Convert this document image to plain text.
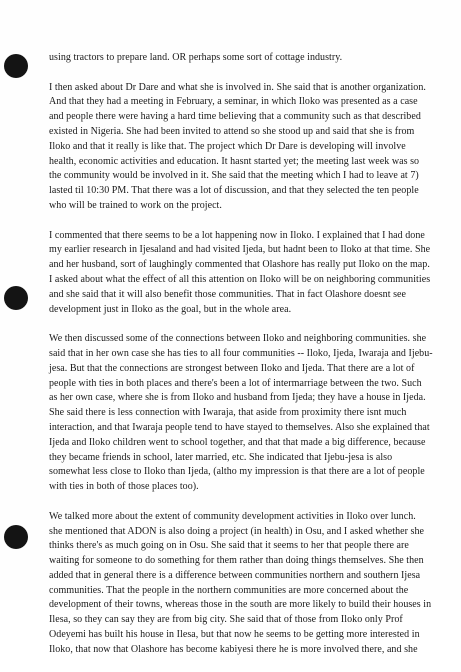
using tractors to prepare land. OR perhaps some sort of cottage industry.
I then asked about Dr Dare and what she is involved in. She said that is another organization.
And that they had a meeting in February, a seminar, in which Iloko was presented as a case
and people there were having a hard time believing that a community such as that described
existed in Nigeria. She had been invited to attend so she stood up and said that she is from
Iloko and that it really is like that. The project which Dr Dare is developing will involve
health, economic activities and education. It hasnt started yet; the meeting last week was so
the community would be involved in it. She said that the meeting which I had to leave at 7)
lasted til 10:30 PM. That there was a lot of discussion, and that they selected the ten people
who will be trained to work on the project.
I commented that there seems to be a lot happening now in Iloko. I explained that I had done
my earlier research in Ijesaland and had visited Ijeda, but hadnt been to Iloko at that time. She
and her husband, sort of laughingly commented that Olashore has really put Iloko on the map.
I asked about what the effect of all this attention on Iloko will be on neighboring communities
and she said that it will also benefit those communities. That in fact Olashore doesnt see
development just in Iloko as the goal, but in the whole area.
We then discussed some of the connections between Iloko and neighboring communities. she
said that in her own case she has ties to all four communities -- Iloko, Ijeda, Iwaraja and Ijebu-
jesa. But that the connections are strongest between Iloko and Ijeda. That there are a lot of
people with ties in both places and there's been a lot of intermarriage between the two. Such
as her own case, where she is from Iloko and husband from Ijeda; they have a house in Ijeda.
She said there is less connection with Iwaraja, that aside from proximity there isnt much
interaction, and that Iwaraja people tend to have stayed to themselves. Also she explained that
Ijeda and Iloko children went to school together, and that that made a big difference, because
they became friends in school, later married, etc. She indicated that Ijebu-jesa is also
somewhat less close to Iloko than Ijeda, (altho my impression is that there are a lot of people
with ties in both of those places too).
We talked more about the extent of community development activities in Iloko over lunch.
she mentioned that ADON is also doing a project (in health) in Osu, and I asked whether she
thinks there's as much going on in Osu. She said that it seems to her that people there are
waiting for someone to do something for them rather than doing things themselves. She then
added that in general there is a difference between communities northern and southern Ijesa
communities. That the people in the northern communities are more concerned about the
development of their towns, whereas those in the south are more likely to build their houses in
Ilesa, so they can say they are from big city. She said that of those from Iloko only Prof
Odeyemi has built his house in Ilesa, but that now he seems to be getting more interested in
Iloko, that now that Olashore has become kabiyesi there he is more involved there, and she
